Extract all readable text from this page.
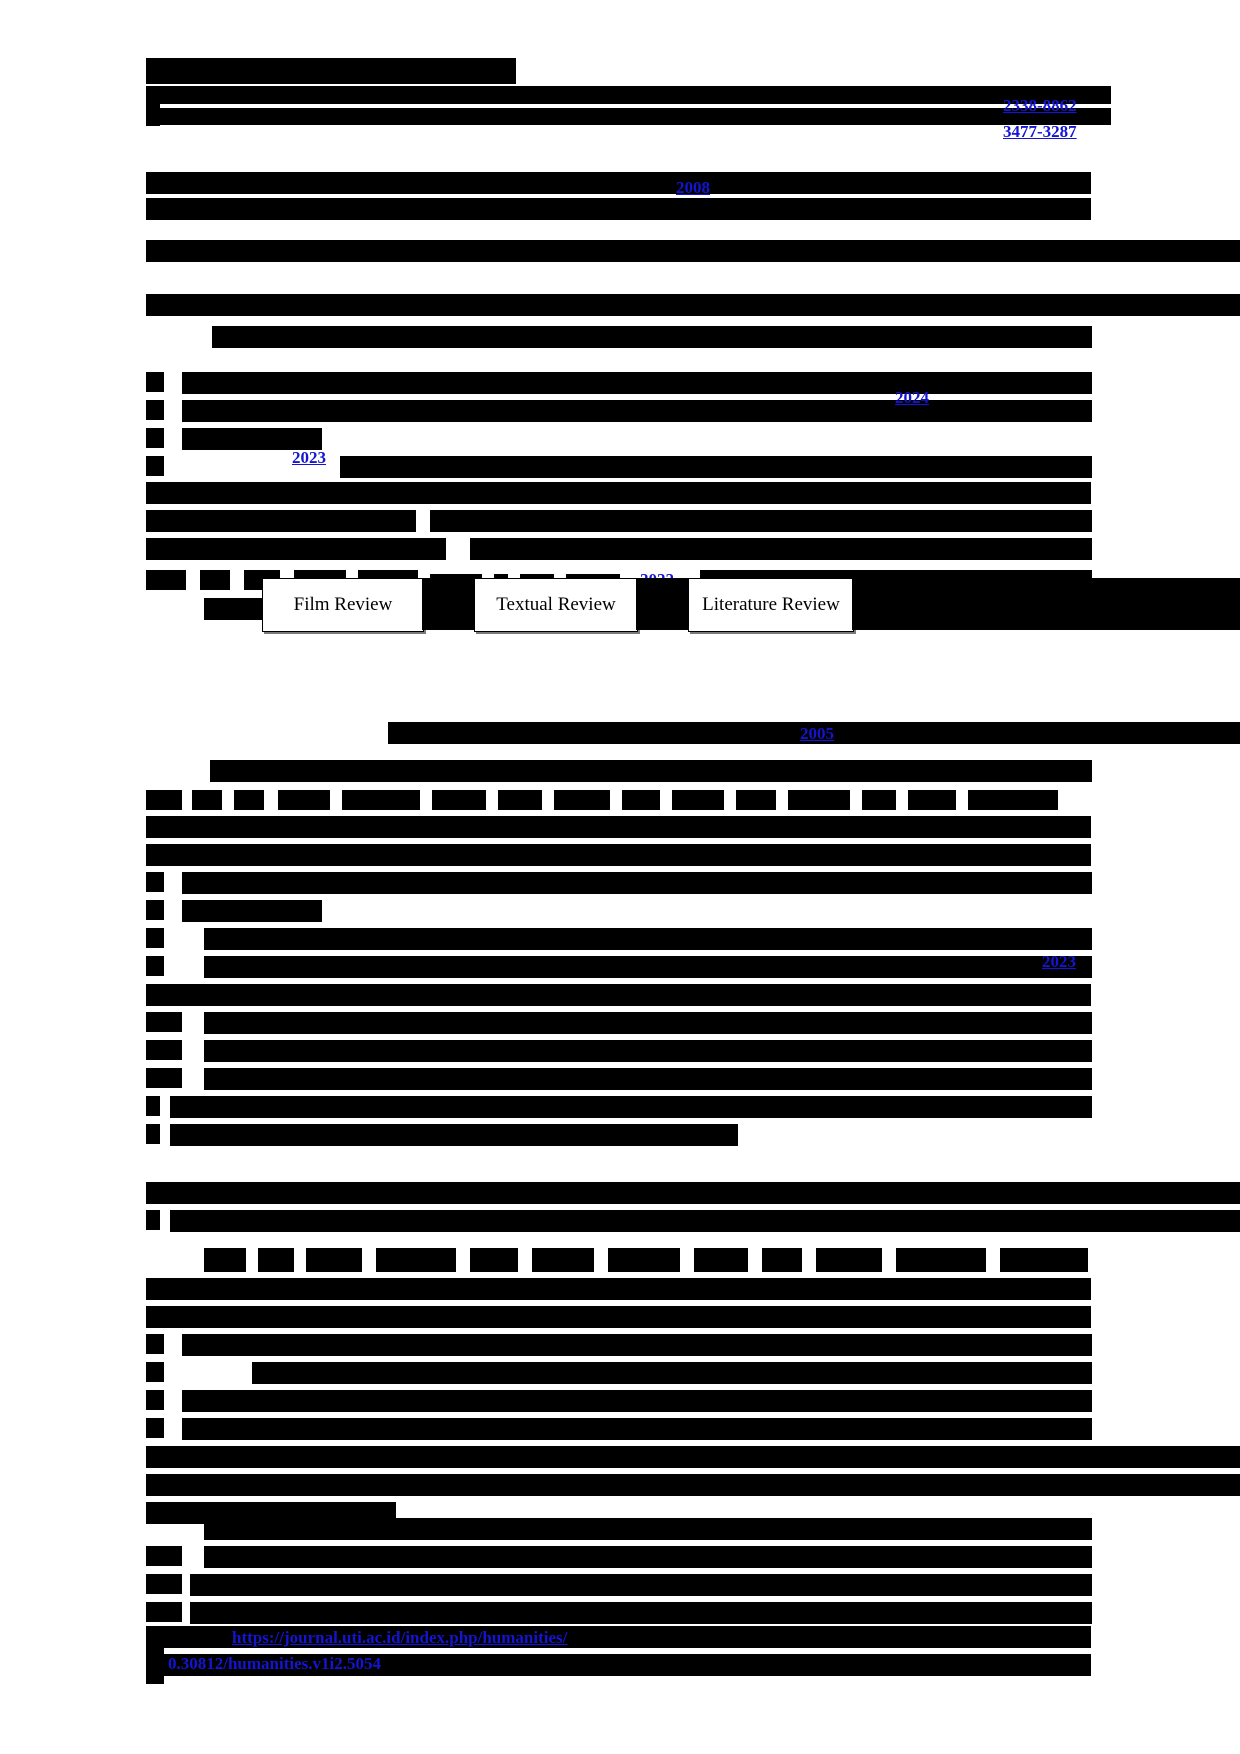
2338-8862
3477-3287
2008
2024
2023
Film Review	Textual Review	Literature Review
2005
2023
https://journal.uti.ac.id/index.php/humanities/
0.30812/humanities.v1i2.5054
